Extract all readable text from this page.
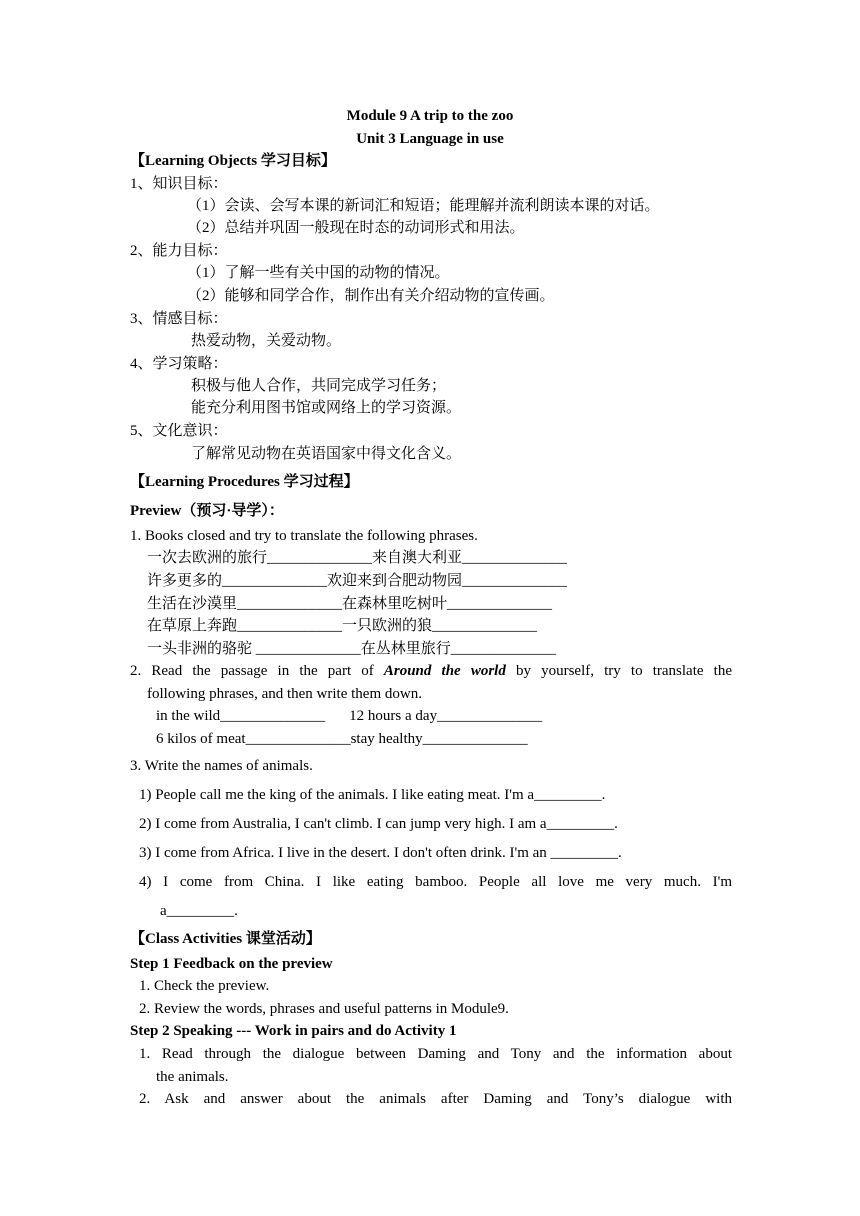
Module 9 A trip to the zoo
Unit 3 Language in use
【Learning Objects 学习目标】
1、知识目标：
（1）会读、会写本课的新词汇和短语；能理解并流利朗读本课的对话。
（2）总结并巩固一般现在时态的动词形式和用法。
2、能力目标：
（1）了解一些有关中国的动物的情况。
（2）能够和同学合作，制作出有关介绍动物的宣传画。
3、情感目标：
热爱动物，关爱动物。
4、学习策略：
积极与他人合作，共同完成学习任务；
能充分利用图书馆或网络上的学习资源。
5、文化意识：
了解常见动物在英语国家中得文化含义。
【Learning Procedures 学习过程】
Preview（预习·导学）：
1. Books closed and try to translate the following phrases.
一次去欧洲的旅行______________来自澳大利亚______________
许多更多的______________欢迎来到合肥动物园______________
生活在沙漠里______________在森林里吃树叶______________
在草原上奔跑______________一只欧洲的狼______________
一头非洲的骆驼 ______________在丛林里旅行______________
2. Read the passage in the part of Around the world by yourself, try to translate the
following phrases, and then write them down.
in the wild______________ 12 hours a day______________
6 kilos of meat______________stay healthy______________
3. Write the names of animals.
1) People call me the king of the animals. I like eating meat. I'm a_________.
2) I come from Australia, I can't climb. I can jump very high. I am a_________.
3) I come from Africa. I live in the desert. I don't often drink. I'm an _________.
4) I come from China. I like eating bamboo. People all love me very much. I'm
a_________.
【Class Activities 课堂活动】
Step 1 Feedback on the preview
1. Check the preview.
2. Review the words, phrases and useful patterns in Module9.
Step 2 Speaking --- Work in pairs and do Activity 1
1. Read through the dialogue between Daming and Tony and the information about
the animals.
2. Ask and answer about the animals after Daming and Tony’s dialogue with
